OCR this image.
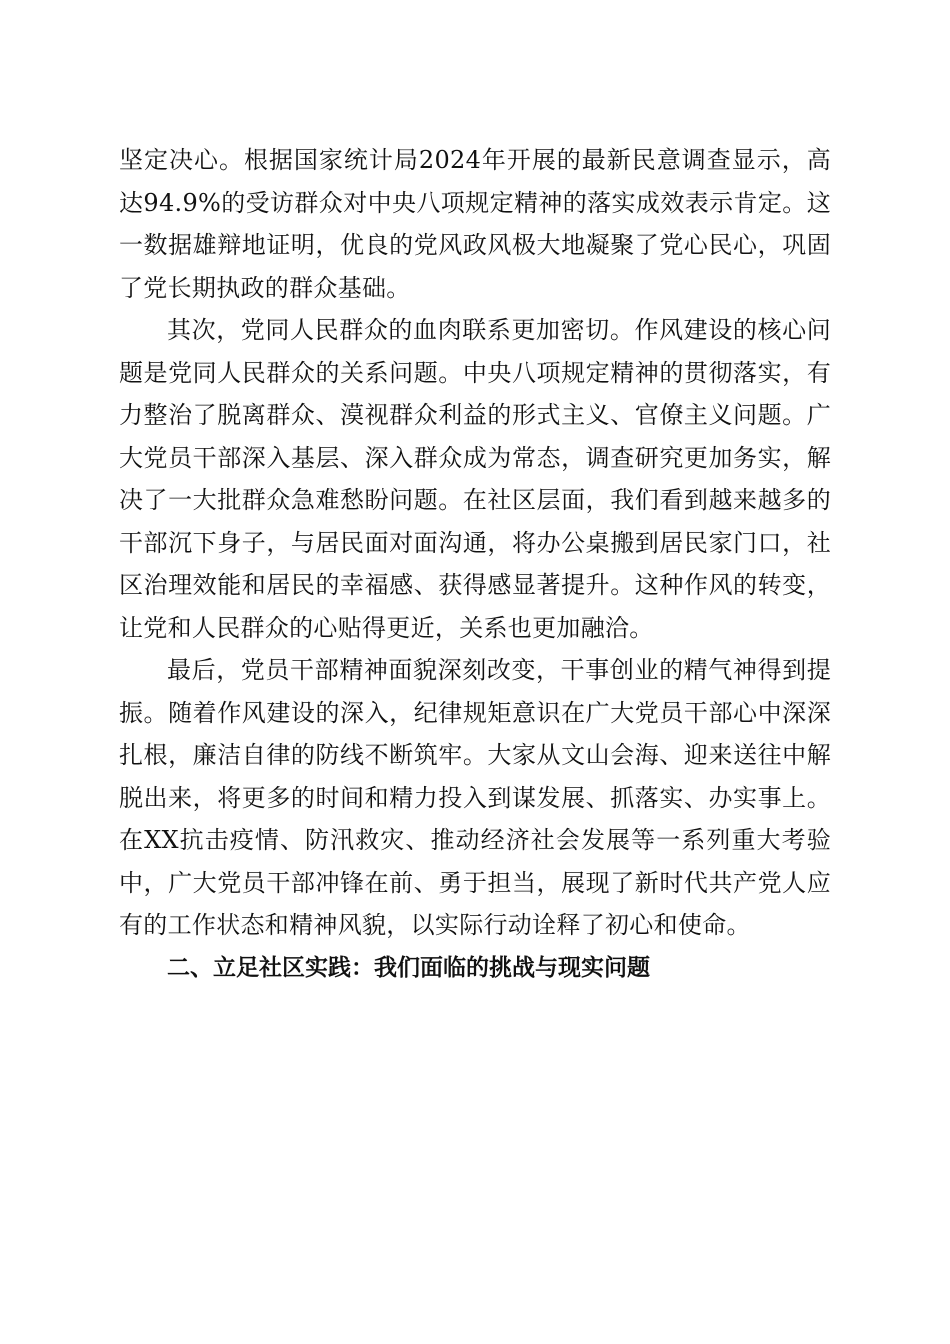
坚定决心。根据国家统计局2024年开展的最新民意调查显示，高达94.9%的受访群众对中央八项规定精神的落实成效表示肯定。这一数据雄辩地证明，优良的党风政风极大地凝聚了党心民心，巩固了党长期执政的群众基础。

其次，党同人民群众的血肉联系更加密切。作风建设的核心问题是党同人民群众的关系问题。中央八项规定精神的贯彻落实，有力整治了脱离群众、漠视群众利益的形式主义、官僚主义问题。广大党员干部深入基层、深入群众成为常态，调查研究更加务实，解决了一大批群众急难愁盼问题。在社区层面，我们看到越来越多的干部沉下身子，与居民面对面沟通，将办公桌搬到居民家门口，社区治理效能和居民的幸福感、获得感显著提升。这种作风的转变，让党和人民群众的心贴得更近，关系也更加融洽。

最后，党员干部精神面貌深刻改变，干事创业的精气神得到提振。随着作风建设的深入，纪律规矩意识在广大党员干部心中深深扎根，廉洁自律的防线不断筑牢。大家从文山会海、迎来送往中解脱出来，将更多的时间和精力投入到谋发展、抓落实、办实事上。在XX抗击疫情、防汛救灾、推动经济社会发展等一系列重大考验中，广大党员干部冲锋在前、勇于担当，展现了新时代共产党人应有的工作状态和精神风貌，以实际行动诠释了初心和使命。

二、立足社区实践：我们面临的挑战与现实问题
